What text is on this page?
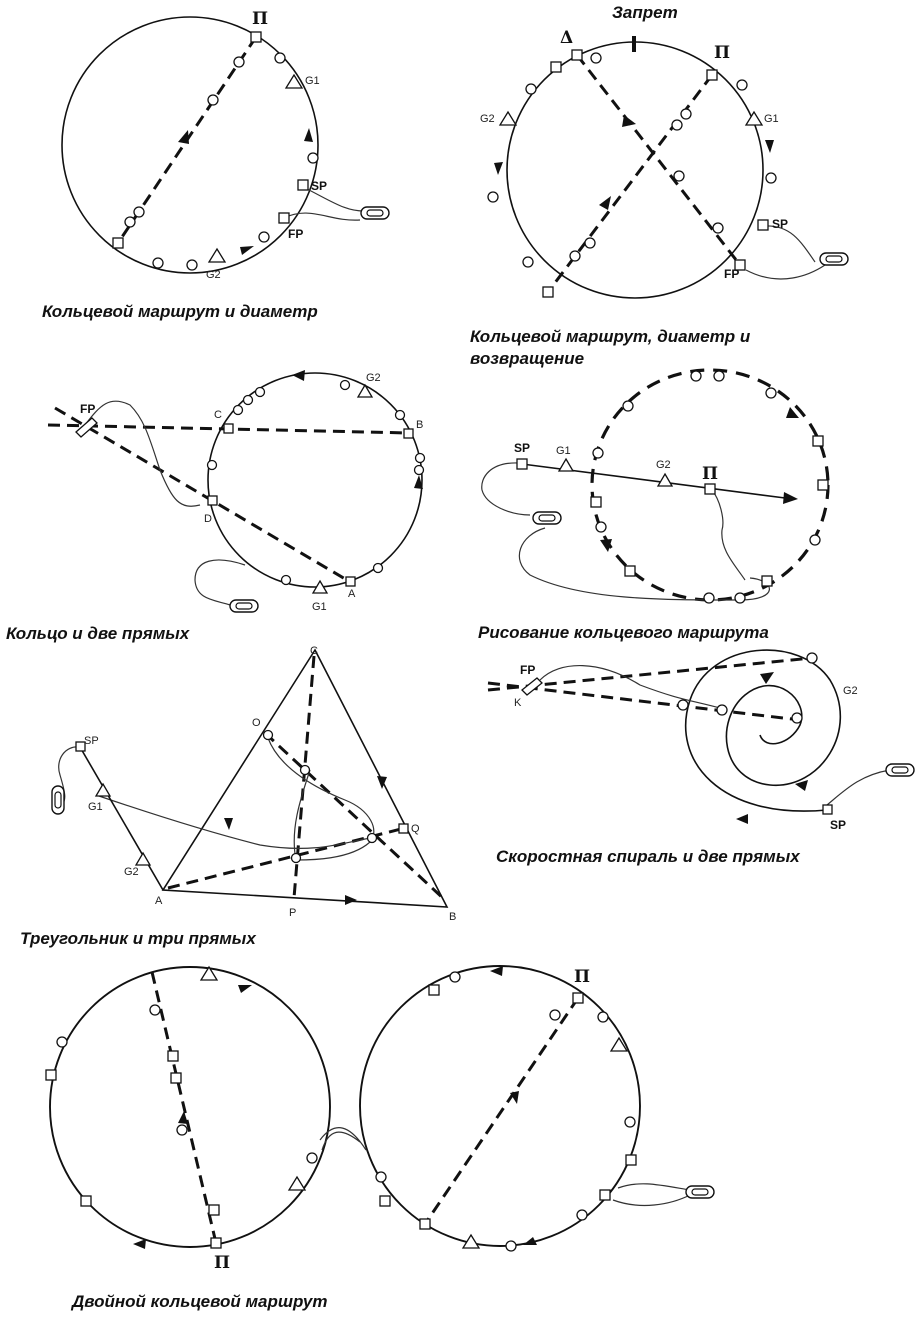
П
G1
G2
SP
FP
Δ
П
G1
G2
SP
FP
FP
G2
G1
C
B
D
A
SP G1
G2 П
C
O
A
B
P
Q
SP
G1
G2
FP
K
G2
SP
П
П
Кольцевой маршрут и диаметр
Запрет
Кольцевой маршрут, диаметр и возвращение
Кольцо и две прямых	Рисование кольцевого маршрута
Треугольник и три прямых
Скоростная спираль и две прямых
Двойной кольцевой маршрут
